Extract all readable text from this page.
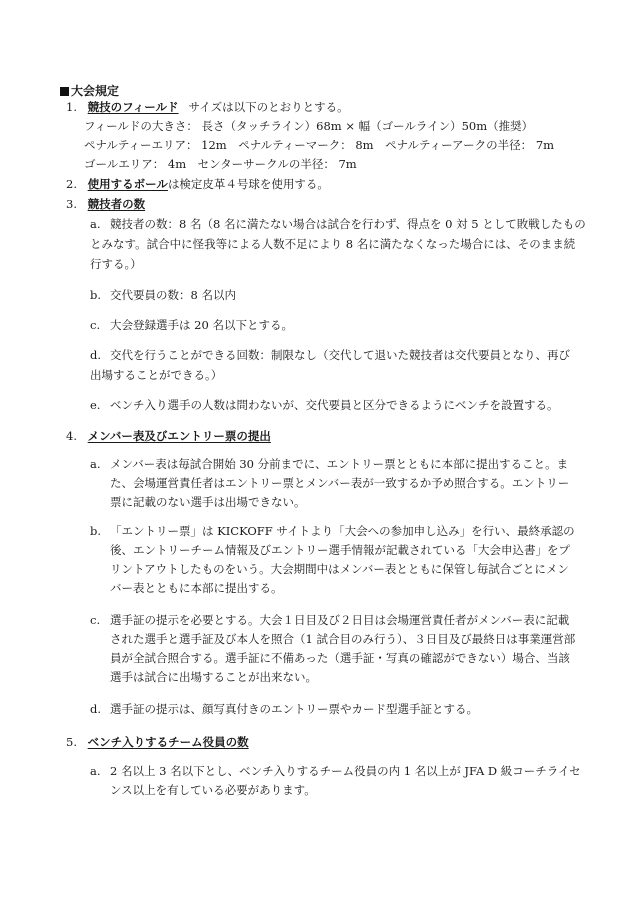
大会規定
1. 競技のフィールド サイズは以下のとおりとする。
フィールドの大きさ： 長さ（タッチライン）68m × 幅（ゴールライン）50m（推奨）
ペナルティーエリア： 12m　ペナルティーマーク： 8m　ペナルティーアークの半径： 7m
ゴールエリア： 4m　センターサークルの半径： 7m
2. 使用するボールは検定皮革４号球を使用する。
3. 競技者の数
a. 競技者の数：8 名（8 名に満たない場合は試合を行わず、得点を 0 対 5 として敗戦したもの
とみなす。試合中に怪我等による人数不足により 8 名に満たなくなった場合には、そのまま続
行する。）
b. 交代要員の数：8 名以内
c. 大会登録選手は 20 名以下とする。
d. 交代を行うことができる回数：制限なし（交代して退いた競技者は交代要員となり、再び
出場することができる。）
e. ベンチ入り選手の人数は問わないが、交代要員と区分できるようにベンチを設置する。
4. メンバー表及びエントリー票の提出
a. メンバー表は毎試合開始 30 分前までに、エントリー票とともに本部に提出すること。ま
た、会場運営責任者はエントリー票とメンバー表が一致するか予め照合する。エントリー
票に記載のない選手は出場できない。
b. 「エントリー票」は KICKOFF サイトより「大会への参加申し込み」を行い、最終承認の
後、エントリーチーム情報及びエントリー選手情報が記載されている「大会申込書」をプ
リントアウトしたものをいう。大会期間中はメンバー表とともに保管し毎試合ごとにメン
バー表とともに本部に提出する。
c. 選手証の提示を必要とする。大会１日目及び２日目は会場運営責任者がメンバー表に記載
された選手と選手証及び本人を照合（1 試合目のみ行う）、３日目及び最終日は事業運営部
員が全試合照合する。選手証に不備あった（選手証・写真の確認ができない）場合、当該
選手は試合に出場することが出来ない。
d. 選手証の提示は、顔写真付きのエントリー票やカード型選手証とする。
5. ベンチ入りするチーム役員の数
a. 2 名以上 3 名以下とし、ベンチ入りするチーム役員の内 1 名以上が JFA D 級コーチライセ
ンス以上を有している必要があります。
